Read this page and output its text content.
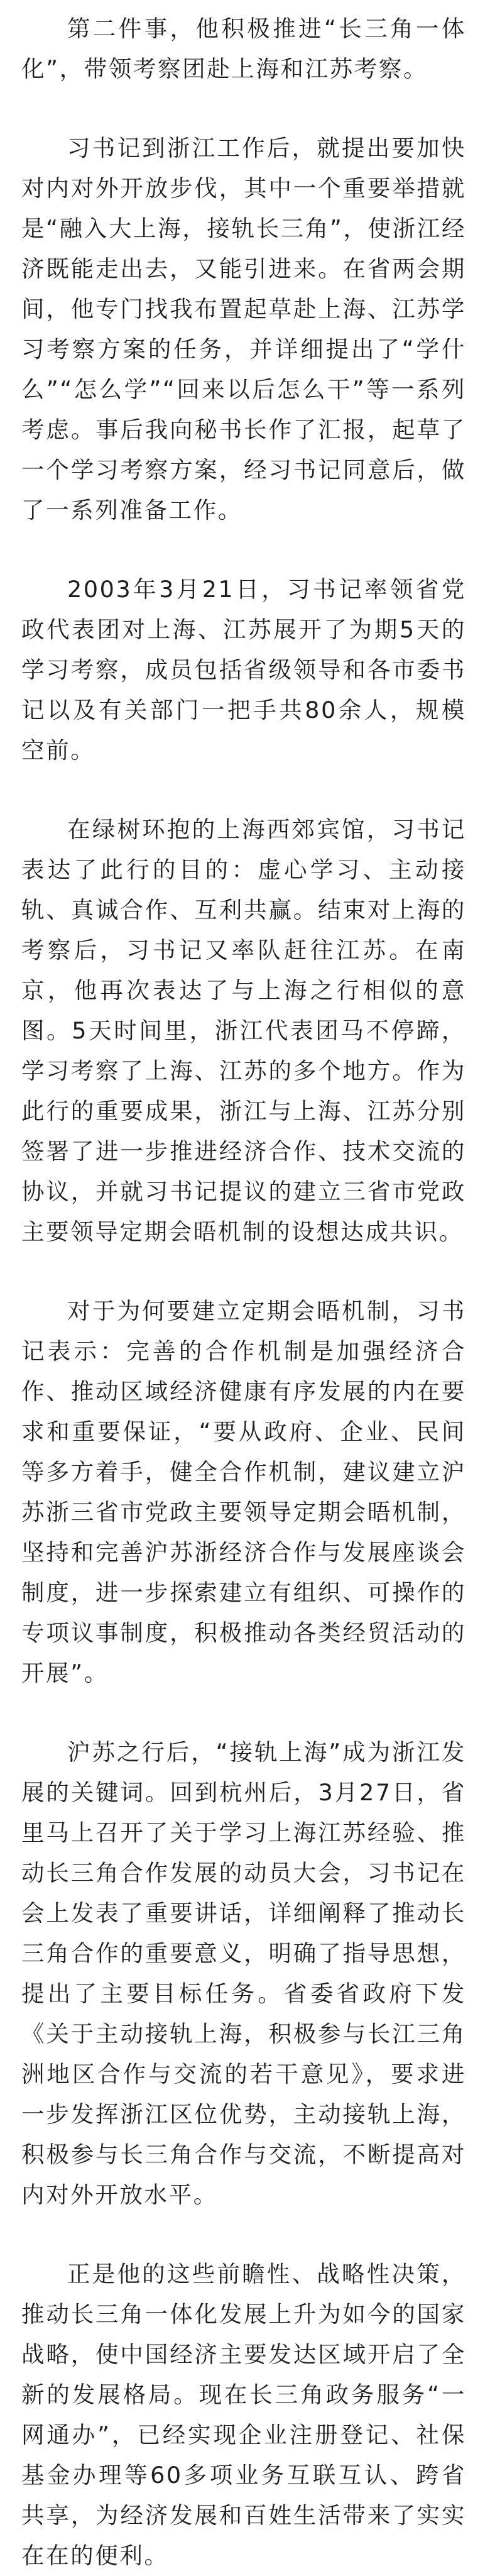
第二件事，他积极推进“长三角一体化”，带领考察团赴上海和江苏考察。

习书记到浙江工作后，就提出要加快对内对外开放步伐，其中一个重要举措就是“融入大上海，接轨长三角”，使浙江经济既能走出去，又能引进来。在省两会期间，他专门找我布置起草赴上海、江苏学习考察方案的任务，并详细提出了“学什么”“怎么学”“回来以后怎么干”等一系列考虑。事后我向秘书长作了汇报，起草了一个学习考察方案，经习书记同意后，做了一系列准备工作。

2003年3月21日，习书记率领省党政代表团对上海、江苏展开了为期5天的学习考察，成员包括省级领导和各市委书记以及有关部门一把手共80余人，规模空前。

在绿树环抱的上海西郊宾馆，习书记表达了此行的目的：虚心学习、主动接轨、真诚合作、互利共赢。结束对上海的考察后，习书记又率队赶往江苏。在南京，他再次表达了与上海之行相似的意图。5天时间里，浙江代表团马不停蹄，学习考察了上海、江苏的多个地方。作为此行的重要成果，浙江与上海、江苏分别签署了进一步推进经济合作、技术交流的协议，并就习书记提议的建立三省市党政主要领导定期会晤机制的设想达成共识。

对于为何要建立定期会晤机制，习书记表示：完善的合作机制是加强经济合作、推动区域经济健康有序发展的内在要求和重要保证，“要从政府、企业、民间等多方着手，健全合作机制，建议建立沪苏浙三省市党政主要领导定期会晤机制，坚持和完善沪苏浙经济合作与发展座谈会制度，进一步探索建立有组织、可操作的专项议事制度，积极推动各类经贸活动的开展”。

沪苏之行后，“接轨上海”成为浙江发展的关键词。回到杭州后，3月27日，省里马上召开了关于学习上海江苏经验、推动长三角合作发展的动员大会，习书记在会上发表了重要讲话，详细阐释了推动长三角合作的重要意义，明确了指导思想，提出了主要目标任务。省委省政府下发《关于主动接轨上海，积极参与长江三角洲地区合作与交流的若干意见》，要求进一步发挥浙江区位优势，主动接轨上海，积极参与长三角合作与交流，不断提高对内对外开放水平。

正是他的这些前瞻性、战略性决策，推动长三角一体化发展上升为如今的国家战略，使中国经济主要发达区域开启了全新的发展格局。现在长三角政务服务“一网通办”，已经实现企业注册登记、社保基金办理等60多项业务互联互认、跨省共享，为经济发展和百姓生活带来了实实在在的便利。
